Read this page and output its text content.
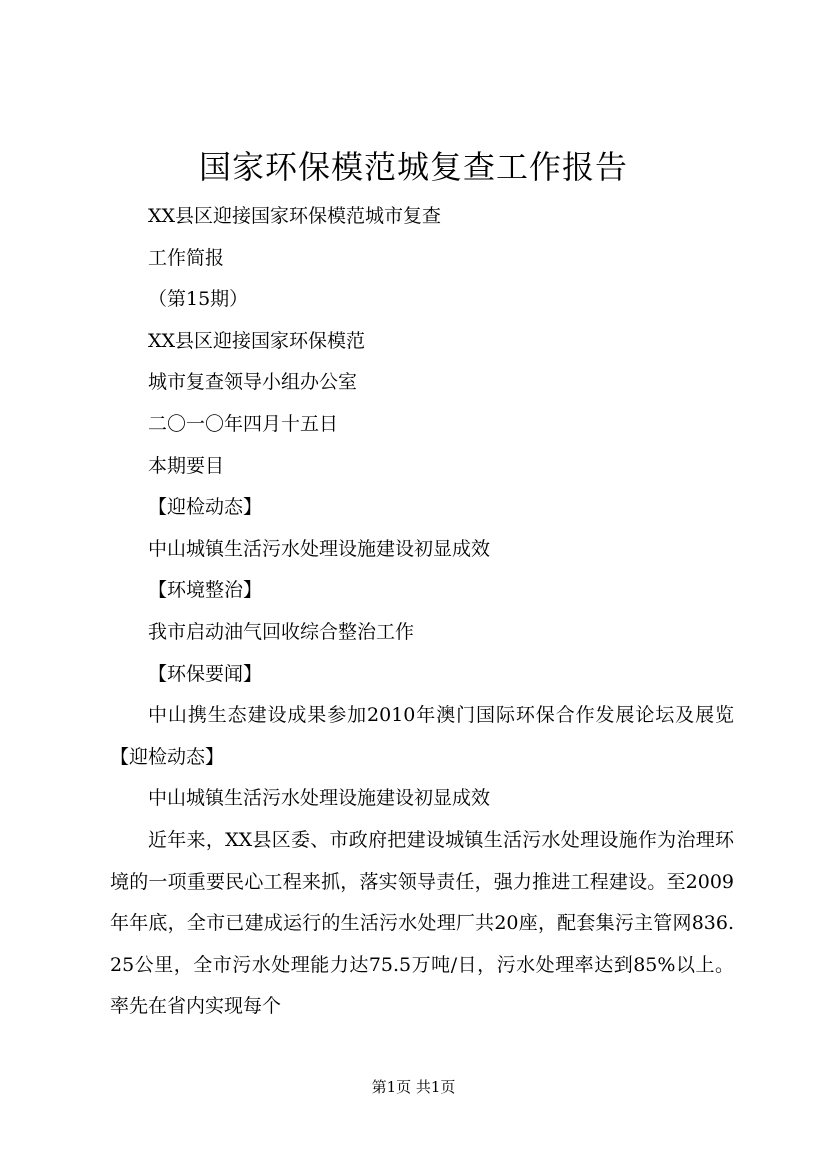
国家环保模范城复查工作报告

XX县区迎接国家环保模范城市复查

工作简报

（第15期）

XX县区迎接国家环保模范

城市复查领导小组办公室

二〇一〇年四月十五日

本期要目

【迎检动态】

中山城镇生活污水处理设施建设初显成效

【环境整治】

我市启动油气回收综合整治工作

【环保要闻】

中山携生态建设成果参加2010年澳门国际环保合作发展论坛及展览【迎检动态】

中山城镇生活污水处理设施建设初显成效

近年来，XX县区委、市政府把建设城镇生活污水处理设施作为治理环境的一项重要民心工程来抓，落实领导责任，强力推进工程建设。至2009年年底，全市已建成运行的生活污水处理厂共20座，配套集污主管网836.25公里，全市污水处理能力达75.5万吨/日，污水处理率达到85%以上。率先在省内实现每个

第1页 共1页
